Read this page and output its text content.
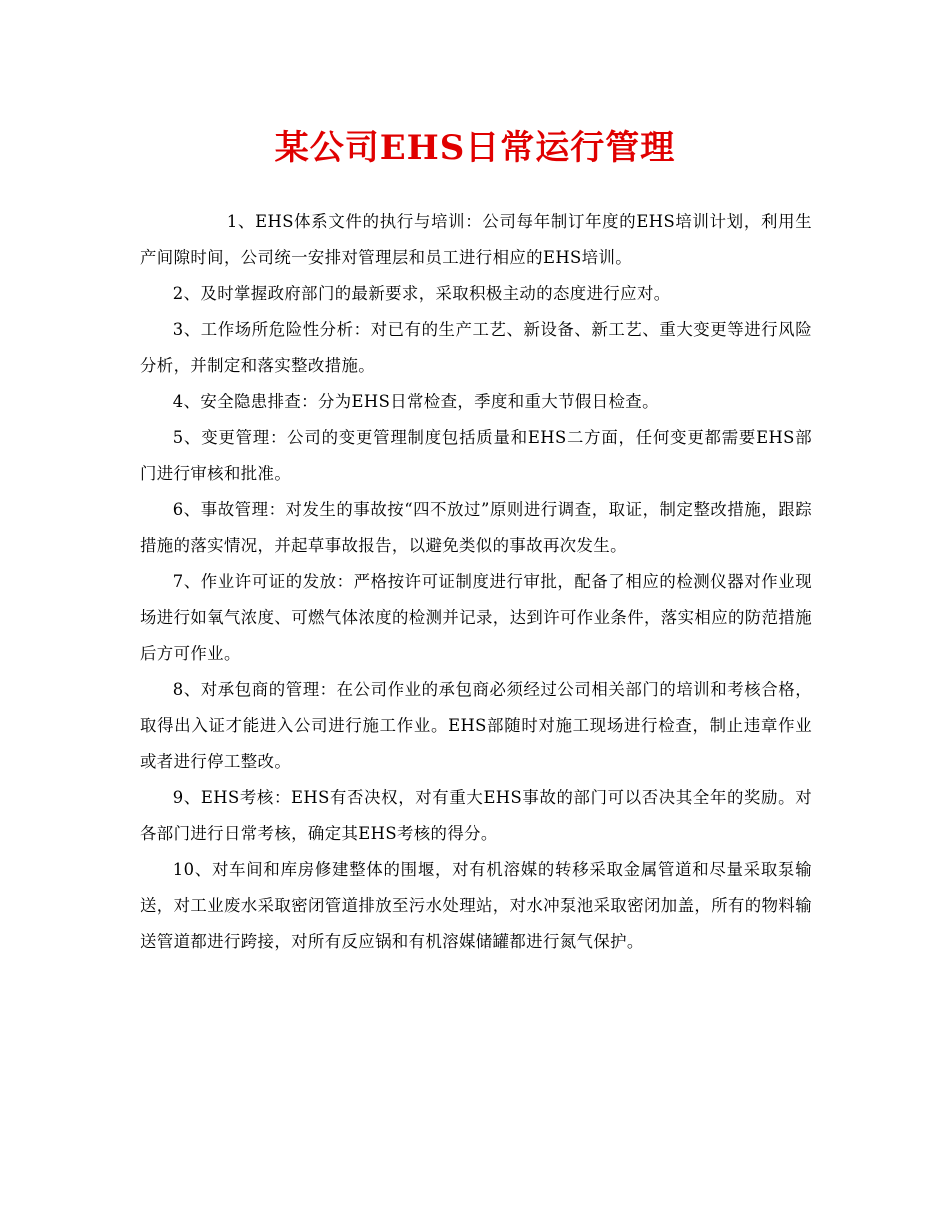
某公司EHS日常运行管理

1、EHS体系文件的执行与培训：公司每年制订年度的EHS培训计划，利用生产间隙时间，公司统一安排对管理层和员工进行相应的EHS培训。

2、及时掌握政府部门的最新要求，采取积极主动的态度进行应对。

3、工作场所危险性分析：对已有的生产工艺、新设备、新工艺、重大变更等进行风险分析，并制定和落实整改措施。

4、安全隐患排查：分为EHS日常检查，季度和重大节假日检查。

5、变更管理：公司的变更管理制度包括质量和EHS二方面，任何变更都需要EHS部门进行审核和批准。

6、事故管理：对发生的事故按“四不放过”原则进行调查，取证，制定整改措施，跟踪措施的落实情况，并起草事故报告，以避免类似的事故再次发生。

7、作业许可证的发放：严格按许可证制度进行审批，配备了相应的检测仪器对作业现场进行如氧气浓度、可燃气体浓度的检测并记录，达到许可作业条件，落实相应的防范措施后方可作业。

8、对承包商的管理：在公司作业的承包商必须经过公司相关部门的培训和考核合格，取得出入证才能进入公司进行施工作业。EHS部随时对施工现场进行检查，制止违章作业或者进行停工整改。

9、EHS考核：EHS有否决权，对有重大EHS事故的部门可以否决其全年的奖励。对各部门进行日常考核，确定其EHS考核的得分。

10、对车间和库房修建整体的围堰，对有机溶媒的转移采取金属管道和尽量采取泵输送，对工业废水采取密闭管道排放至污水处理站，对水冲泵池采取密闭加盖，所有的物料输送管道都进行跨接，对所有反应锅和有机溶媒储罐都进行氮气保护。
